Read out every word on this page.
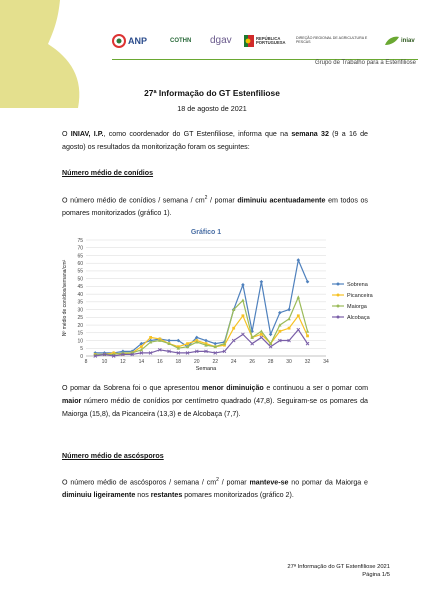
ANP	COTHN dgav	REPÚBLICA PORTUGUESA
DIREÇÃO REGIONAL DE AGRICULTURA E PESCAS	iniav
Grupo de Trabalho para a Estenfiliose
27ª Informação do GT Estenfiliose
18 de agosto de 2021
O INIAV, I.P., como coordenador do GT Estenfiliose, informa que na semana 32 (9 a 16 de agosto) os resultados da monitorização foram os seguintes:
Número médio de conídios
O número médio de conídios / semana / $cm^2$ / pomar diminuiu acentuadamente em todos os pomares monitorizados (gráfico 1).
Gráfico 1
0
5
10
15
20
25
30
35
40
45
50
55
60
65
70
75
8	10	12	14	16	18	20	22	24	26	28	30	32	34
Semana
Nº médio de conídios/semana/cm²	Sobrena
Picanceira
Maiorga
Alcobaça
O pomar da Sobrena foi o que apresentou menor diminuição e continuou a ser o pomar com maior número médio de conídios por centímetro quadrado (47,8). Seguiram-se os pomares da Maiorga (15,8), da Picanceira (13,3) e de Alcobaça (7,7).
Número médio de ascósporos
O número médio de ascósporos / semana / $cm^2$ / pomar manteve-se no pomar da Maiorga e diminuiu ligeiramente nos restantes pomares monitorizados (gráfico 2).
27ª Informação do GT Estenfiliose 2021
Página 1/5
